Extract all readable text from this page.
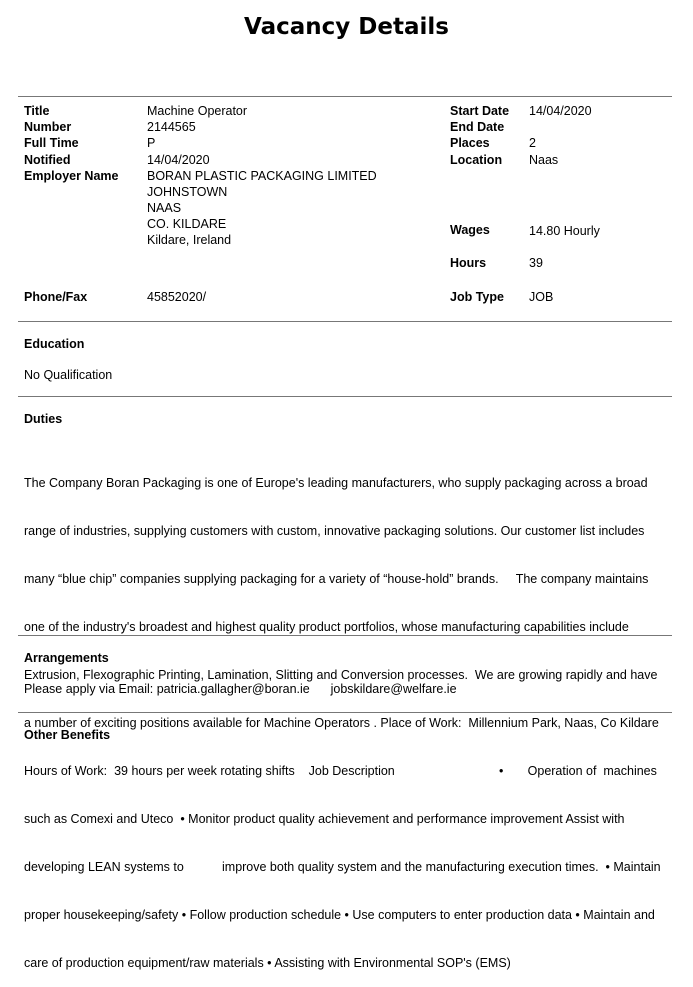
Vacancy Details
Title
Number
Full Time
Notified
Employer Name
Phone/Fax
Machine Operator
2144565
P
14/04/2020
BORAN PLASTIC PACKAGING LIMITED
JOHNSTOWN
NAAS
CO. KILDARE
Kildare, Ireland
45852020/
Start Date
End Date
Places
Location
Wages
Hours
Job Type
14/04/2020
2
Naas
14.80 Hourly
39
JOB
Education
No Qualification
Duties

The Company Boran Packaging is one of Europe's leading manufacturers, who supply packaging across a broad

range of industries, supplying customers with custom, innovative packaging solutions. Our customer list includes

many “blue chip” companies supplying packaging for a variety of “house-hold” brands.     The company maintains

one of the industry's broadest and highest quality product portfolios, whose manufacturing capabilities include

Extrusion, Flexographic Printing, Lamination, Slitting and Conversion processes.  We are growing rapidly and have

a number of exciting positions available for Machine Operators . Place of Work:  Millennium Park, Naas, Co Kildare

Hours of Work:  39 hours per week rotating shifts    Job Description                              •       Operation of  machines

such as Comexi and Uteco  • Monitor product quality achievement and performance improvement Assist with

developing LEAN systems to           improve both quality system and the manufacturing execution times.  • Maintain

proper housekeeping/safety • Follow production schedule • Use computers to enter production data • Maintain and

care of production equipment/raw materials • Assisting with Environmental SOP's (EMS)

Arrangements
Please apply via Email: patricia.gallagher@boran.ie      jobskildare@welfare.ie
Other Benefits
